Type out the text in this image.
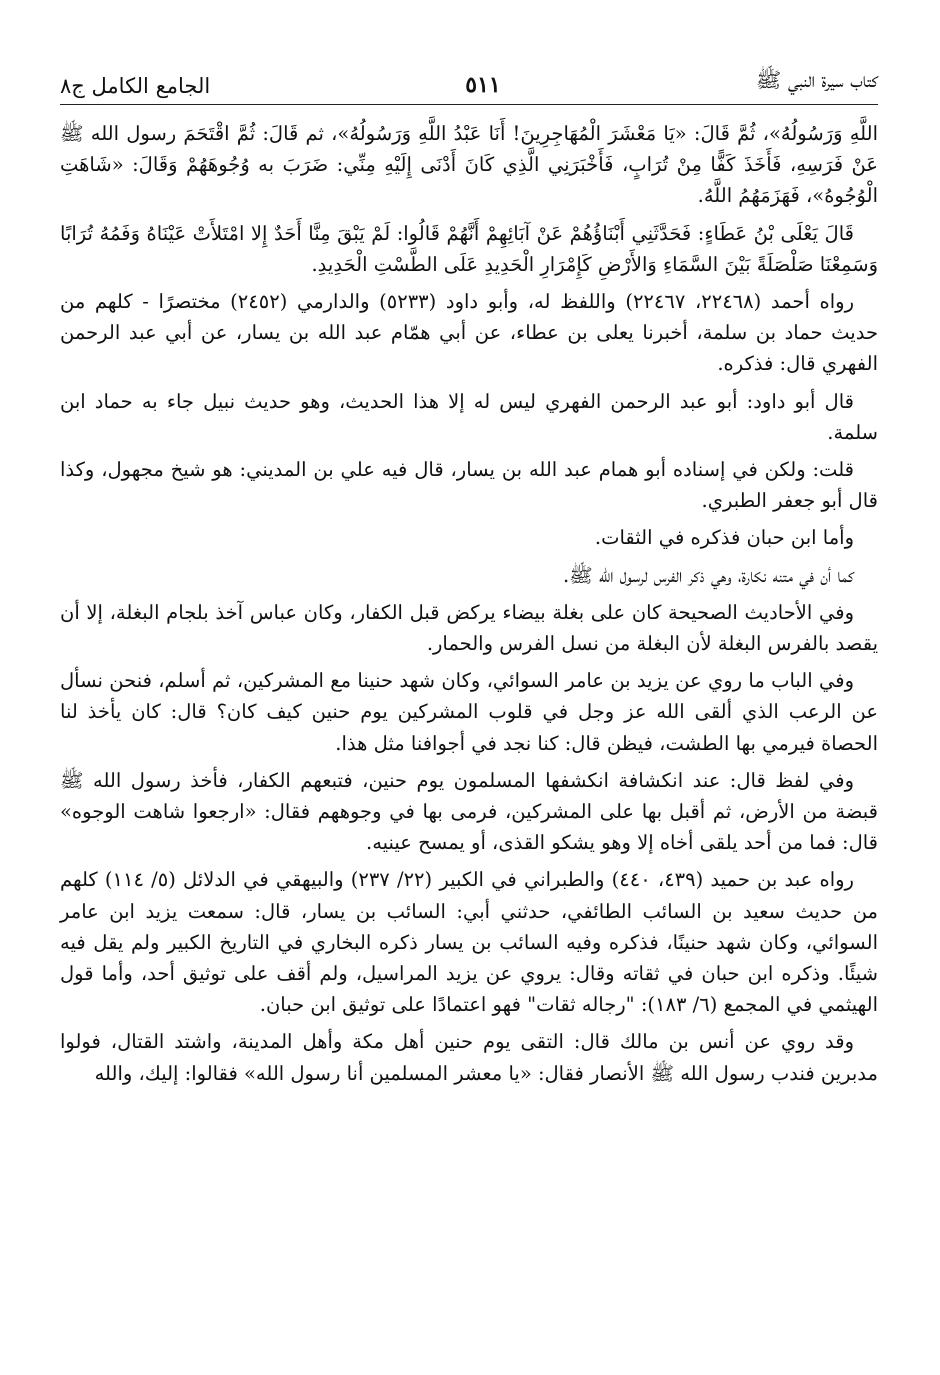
الجامع الكامل ج٨	٥١١	كتاب سيرة النبي ﷺ

اللَّهِ وَرَسُولُهُ»، ثُمَّ قَالَ: «يَا مَعْشَرَ الْمُهَاجِرِينَ! أَنَا عَبْدُ اللَّهِ وَرَسُولُهُ»، ثم قَالَ: ثُمَّ اقْتَحَمَ رسول الله ﷺ عَنْ فَرَسِهِ، فَأَخَذَ كَفًّا مِنْ تُرَابٍ، فَأَخْبَرَنِي الَّذِي كَانَ أَدْنَى إِلَيْهِ مِنِّي: ضَرَبَ به وُجُوهَهُمْ وَقَالَ: «شَاهَتِ الْوُجُوهُ»، فَهَزَمَهُمُ اللَّهُ.

قَالَ يَعْلَى بْنُ عَطَاءٍ: فَحَدَّثَنِي أَبْنَاؤُهُمْ عَنْ آبَائِهِمْ أَنَّهُمْ قَالُوا: لَمْ يَبْقَ مِنَّا أَحَدٌ إِلا امْتَلأَتْ عَيْنَاهُ وَفَمُهُ تُرَابًا وَسَمِعْنَا صَلْصَلَةً بَيْنَ السَّمَاءِ وَالأَرْضِ كَإِمْرَارِ الْحَدِيدِ عَلَى الطَّسْتِ الْحَدِيدِ.

رواه أحمد (٢٢٤٦٨، ٢٢٤٦٧) واللفظ له، وأبو داود (٥٢٣٣) والدارمي (٢٤٥٢) مختصرًا - كلهم من حديث حماد بن سلمة، أخبرنا يعلى بن عطاء، عن أبي همّام عبد الله بن يسار، عن أبي عبد الرحمن الفهري قال: فذكره.

قال أبو داود: أبو عبد الرحمن الفهري ليس له إلا هذا الحديث، وهو حديث نبيل جاء به حماد ابن سلمة.

قلت: ولكن في إسناده أبو همام عبد الله بن يسار، قال فيه علي بن المديني: هو شيخ مجهول، وكذا قال أبو جعفر الطبري.

وأما ابن حبان فذكره في الثقات.

كما أن في متنه نكارة، وهي ذكر الفرس لرسول الله ﷺ.

وفي الأحاديث الصحيحة كان على بغلة بيضاء يركض قبل الكفار، وكان عباس آخذ بلجام البغلة، إلا أن يقصد بالفرس البغلة لأن البغلة من نسل الفرس والحمار.

وفي الباب ما روي عن يزيد بن عامر السوائي، وكان شهد حنينا مع المشركين، ثم أسلم، فنحن نسأل عن الرعب الذي ألقى الله عز وجل في قلوب المشركين يوم حنين كيف كان؟ قال: كان يأخذ لنا الحصاة فيرمي بها الطشت، فيظن قال: كنا نجد في أجوافنا مثل هذا.

وفي لفظ قال: عند انكشافة انكشفها المسلمون يوم حنين، فتبعهم الكفار، فأخذ رسول الله ﷺ قبضة من الأرض، ثم أقبل بها على المشركين، فرمى بها في وجوههم فقال: «ارجعوا شاهت الوجوه» قال: فما من أحد يلقى أخاه إلا وهو يشكو القذى، أو يمسح عينيه.

رواه عبد بن حميد (٤٣٩، ٤٤٠) والطبراني في الكبير (٢٢/ ٢٣٧) والبيهقي في الدلائل (٥/ ١١٤) كلهم من حديث سعيد بن السائب الطائفي، حدثني أبي: السائب بن يسار، قال: سمعت يزيد ابن عامر السوائي، وكان شهد حنينًا، فذكره وفيه السائب بن يسار ذكره البخاري في التاريخ الكبير ولم يقل فيه شيئًا. وذكره ابن حبان في ثقاته وقال: يروي عن يزيد المراسيل، ولم أقف على توثيق أحد، وأما قول الهيثمي في المجمع (٦/ ١٨٣): "رجاله ثقات" فهو اعتمادًا على توثيق ابن حبان.

وقد روي عن أنس بن مالك قال: التقى يوم حنين أهل مكة وأهل المدينة، واشتد القتال، فولوا مدبرين فندب رسول الله ﷺ الأنصار فقال: «يا معشر المسلمين أنا رسول الله» فقالوا: إليك، والله
